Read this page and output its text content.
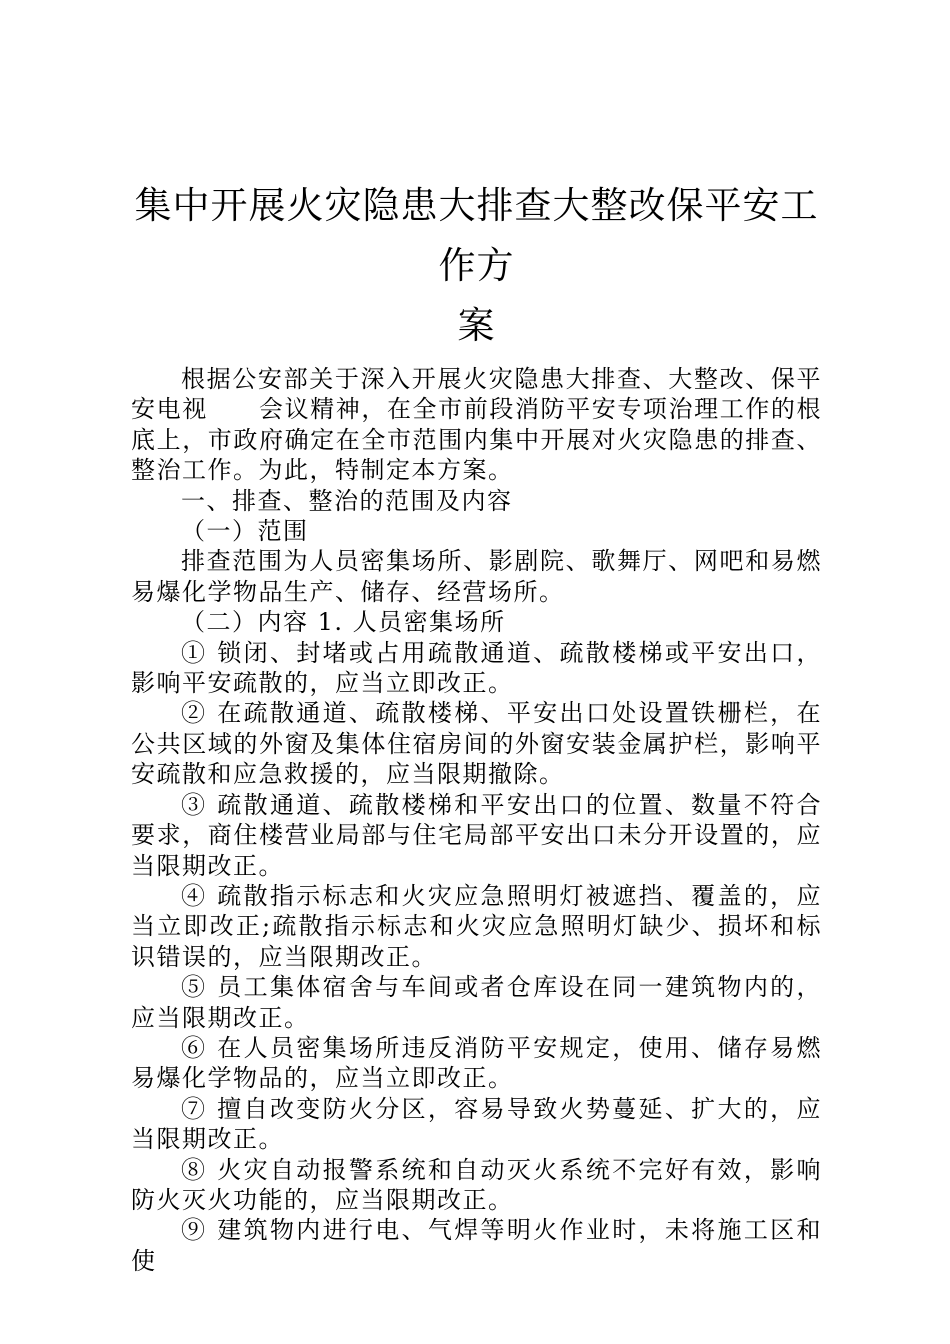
集中开展火灾隐患大排查大整改保平安工作方
案

根据公安部关于深入开展火灾隐患大排查、大整改、保平安电视　　会议精神，在全市前段消防平安专项治理工作的根底上，市政府确定在全市范围内集中开展对火灾隐患的排查、整治工作。为此，特制定本方案。

一、排查、整治的范围及内容

（一）范围

排查范围为人员密集场所、影剧院、歌舞厅、网吧和易燃易爆化学物品生产、储存、经营场所。

（二）内容 1. 人员密集场所

① 锁闭、封堵或占用疏散通道、疏散楼梯或平安出口，影响平安疏散的，应当立即改正。

② 在疏散通道、疏散楼梯、平安出口处设置铁栅栏，在公共区域的外窗及集体住宿房间的外窗安装金属护栏，影响平安疏散和应急救援的，应当限期撤除。

③ 疏散通道、疏散楼梯和平安出口的位置、数量不符合要求，商住楼营业局部与住宅局部平安出口未分开设置的，应当限期改正。

④ 疏散指示标志和火灾应急照明灯被遮挡、覆盖的，应当立即改正;疏散指示标志和火灾应急照明灯缺少、损坏和标识错误的，应当限期改正。

⑤ 员工集体宿舍与车间或者仓库设在同一建筑物内的，应当限期改正。

⑥ 在人员密集场所违反消防平安规定，使用、储存易燃易爆化学物品的，应当立即改正。

⑦ 擅自改变防火分区，容易导致火势蔓延、扩大的，应当限期改正。

⑧ 火灾自动报警系统和自动灭火系统不完好有效，影响防火灭火功能的，应当限期改正。

⑨ 建筑物内进行电、气焊等明火作业时，未将施工区和使
